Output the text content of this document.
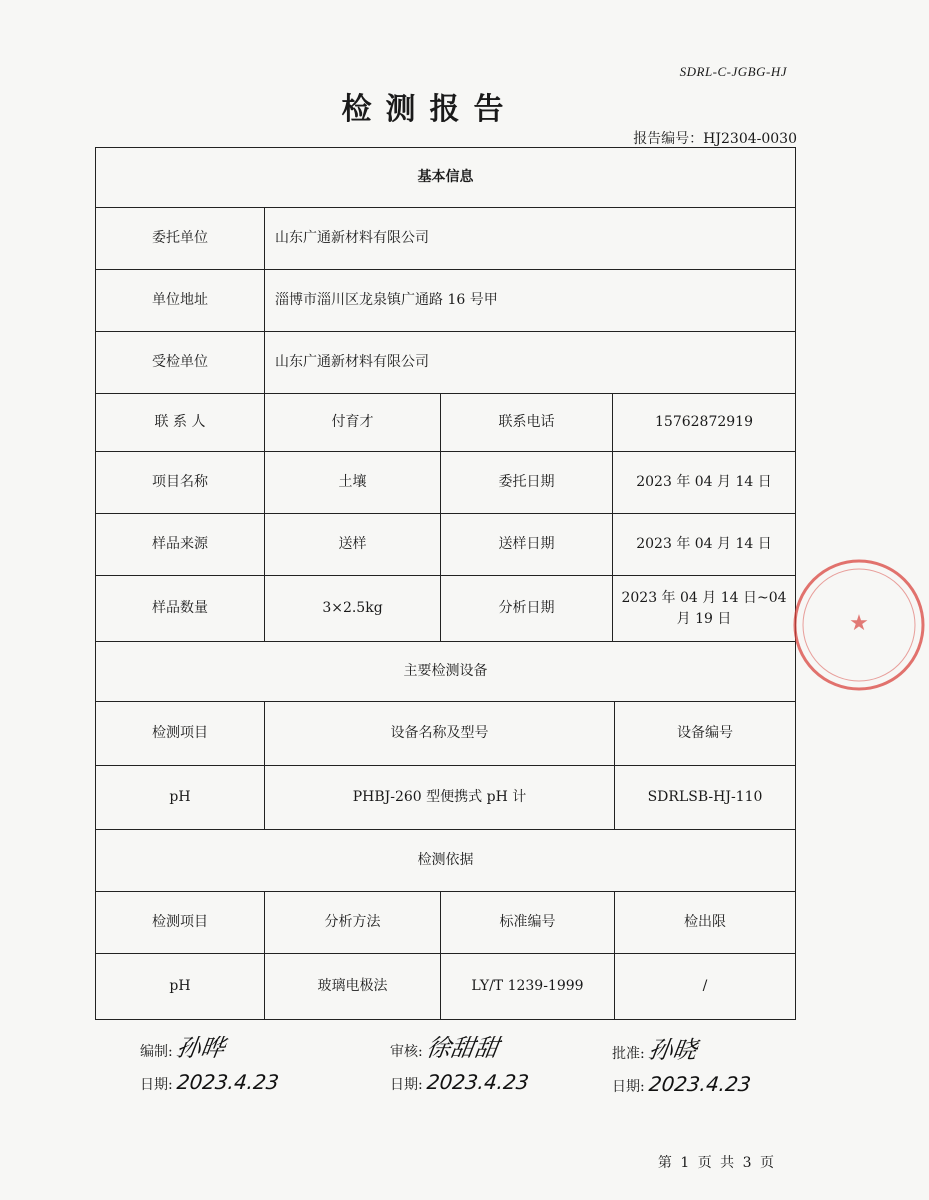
SDRL-C-JGBG-HJ
检测报告
报告编号：HJ2304-0030
基本信息				
委托单位	山东广通新材料有限公司			
单位地址	淄博市淄川区龙泉镇广通路 16 号甲			
受检单位	山东广通新材料有限公司			
联 系 人	付育才	联系电话	15762872919	
项目名称	土壤	委托日期	2023 年 04 月 14 日	
样品来源	送样	送样日期	2023 年 04 月 14 日	
样品数量	3×2.5kg	分析日期	2023 年 04 月 14 日~04 月 19 日	
主要检测设备				
检测项目	设备名称及型号			设备编号
pH	PHBJ-260 型便携式 pH 计			SDRLSB-HJ-110
检测依据				
检测项目	分析方法	标准编号		检出限
pH	玻璃电极法	LY/T 1239-1999		/
编制: 孙晔	审核: 徐甜甜	批准: 孙晓
日期: 2023.4.23	日期: 2023.4.23	日期: 2023.4.23
第 1 页 共 3 页
★
